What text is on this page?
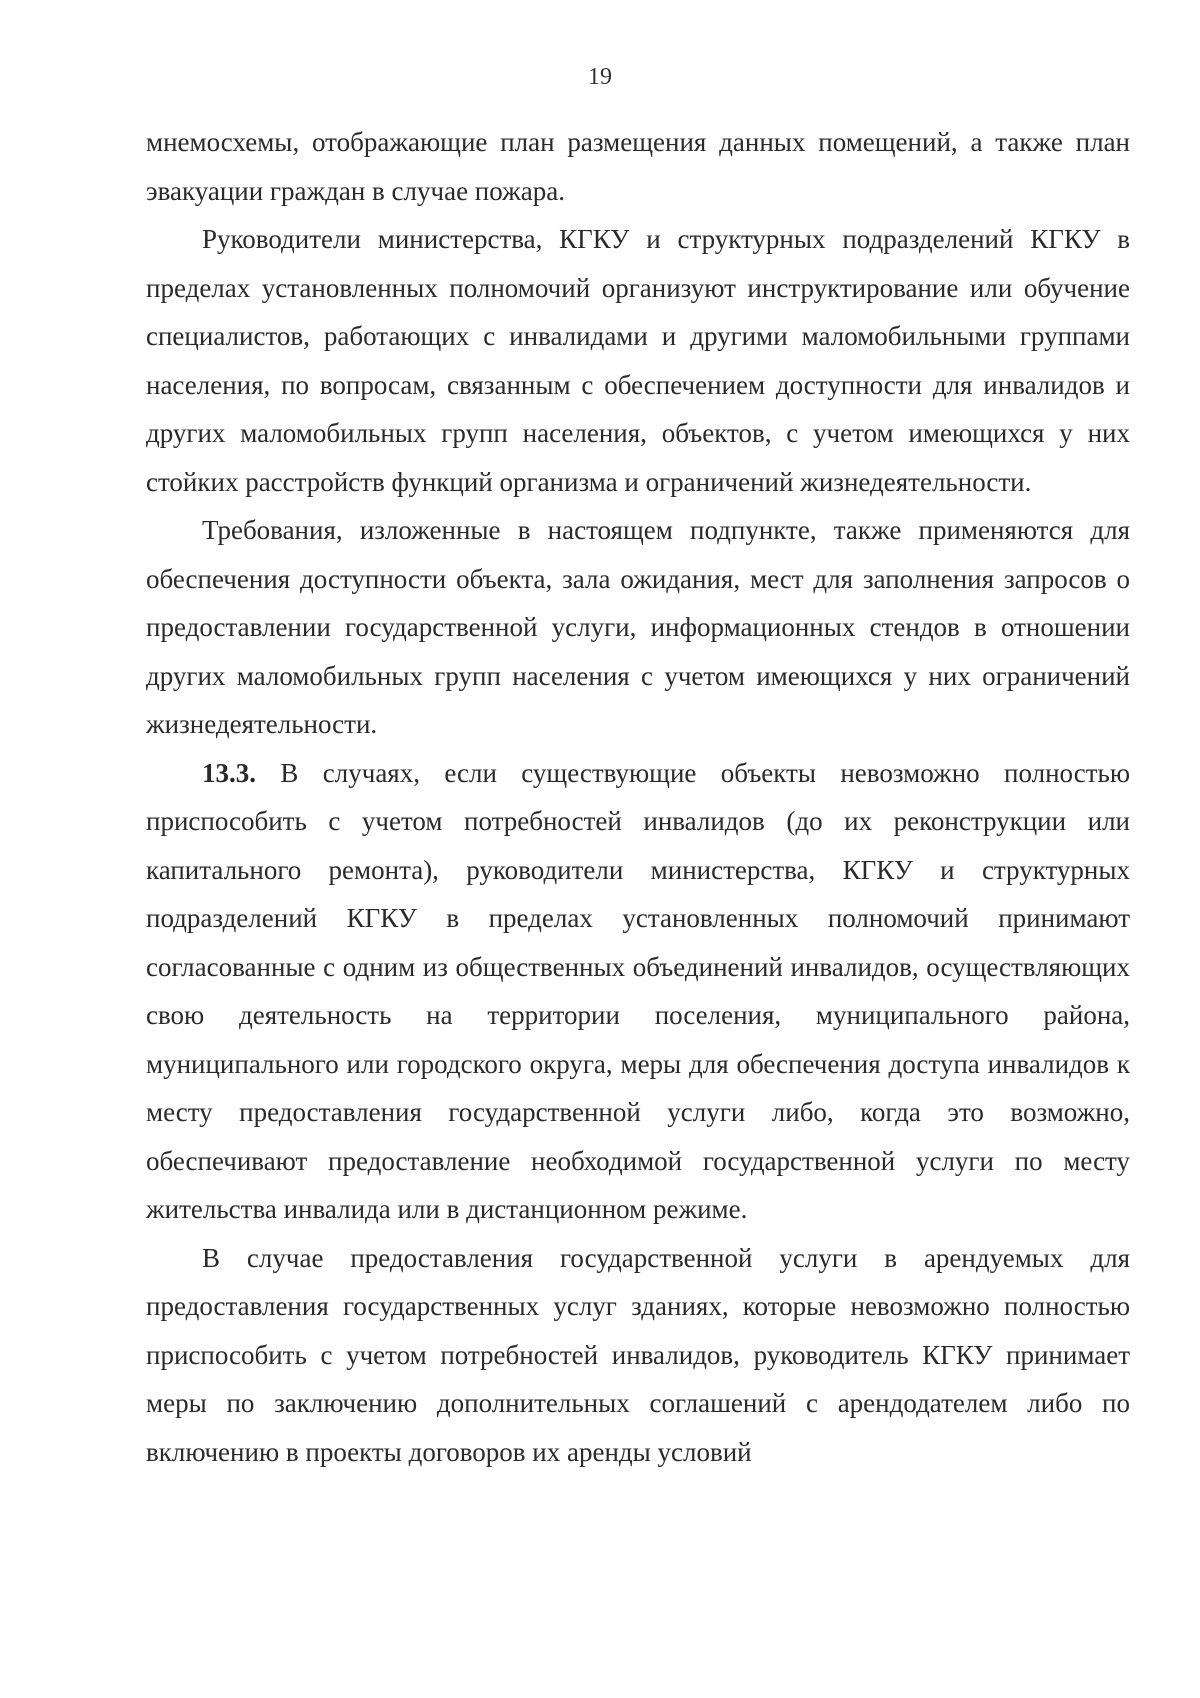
19

мнемосхемы, отображающие план размещения данных помещений, а также план эвакуации граждан в случае пожара.

Руководители министерства, КГКУ и структурных подразделений КГКУ в пределах установленных полномочий организуют инструктирование или обучение специалистов, работающих с инвалидами и другими маломобильными группами населения, по вопросам, связанным с обеспечением доступности для инвалидов и других маломобильных групп населения, объектов, с учетом имеющихся у них стойких расстройств функций организма и ограничений жизнедеятельности.

Требования, изложенные в настоящем подпункте, также применяются для обеспечения доступности объекта, зала ожидания, мест для заполнения запросов о предоставлении государственной услуги, информационных стендов в отношении других маломобильных групп населения с учетом имеющихся у них ограничений жизнедеятельности.

13.3. В случаях, если существующие объекты невозможно полностью приспособить с учетом потребностей инвалидов (до их реконструкции или капитального ремонта), руководители министерства, КГКУ и структурных подразделений КГКУ в пределах установленных полномочий принимают согласованные с одним из общественных объединений инвалидов, осуществляющих свою деятельность на территории поселения, муниципального района, муниципального или городского округа, меры для обеспечения доступа инвалидов к месту предоставления государственной услуги либо, когда это возможно, обеспечивают предоставление необходимой государственной услуги по месту жительства инвалида или в дистанционном режиме.

В случае предоставления государственной услуги в арендуемых для предоставления государственных услуг зданиях, которые невозможно полностью приспособить с учетом потребностей инвалидов, руководитель КГКУ принимает меры по заключению дополнительных соглашений с арендодателем либо по включению в проекты договоров их аренды условий
